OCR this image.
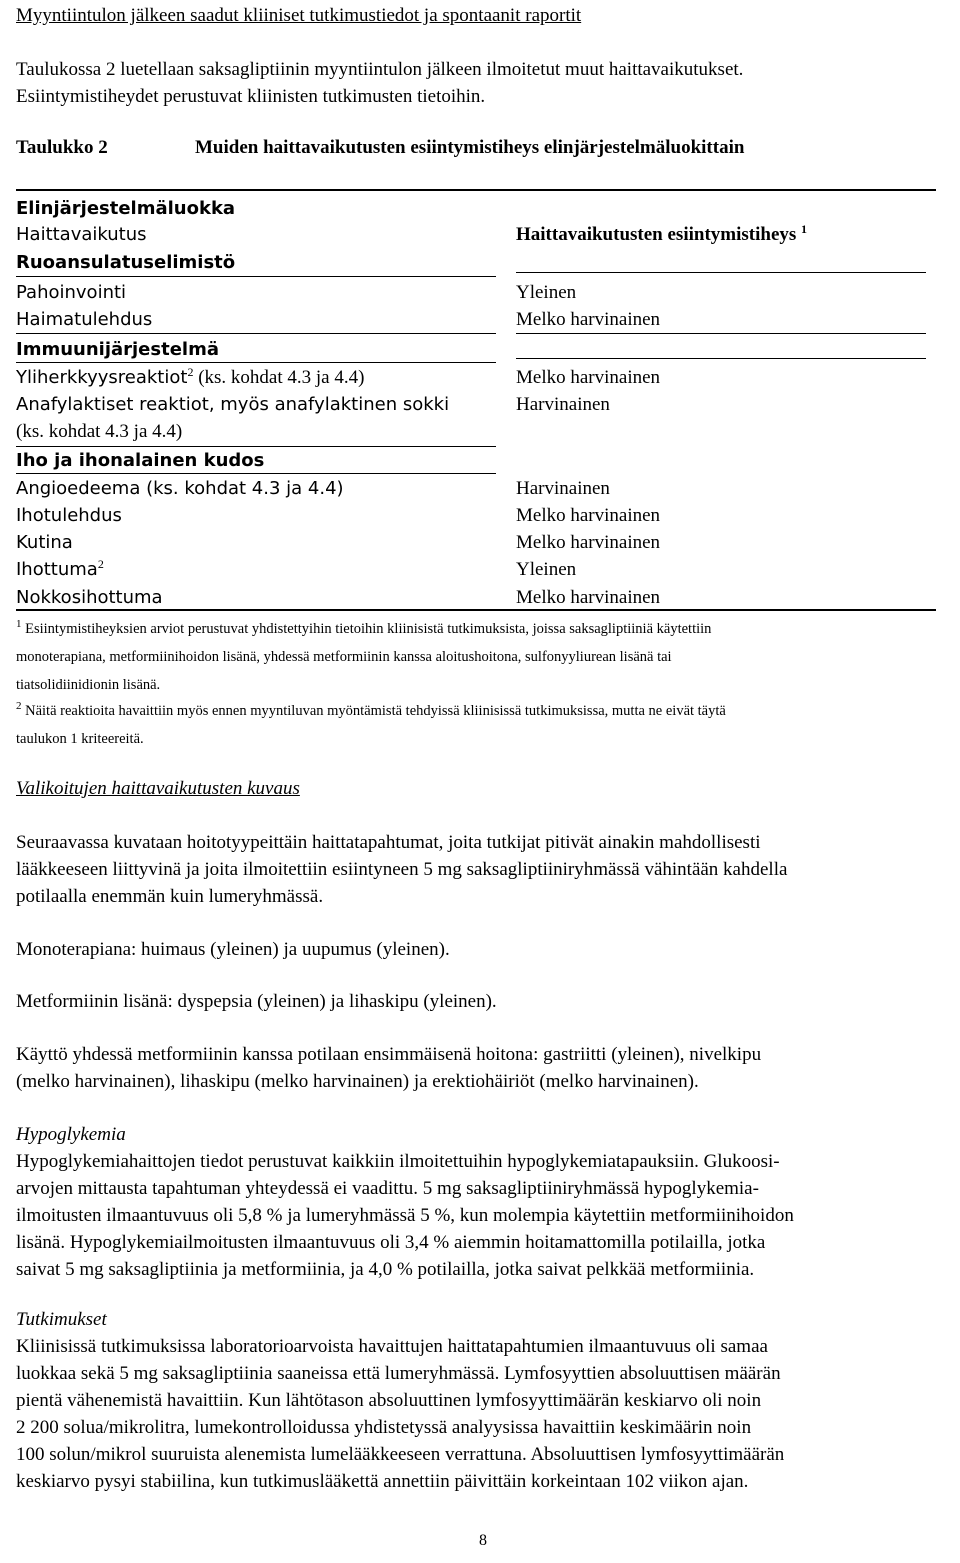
Myyntiintulon jälkeen saadut kliiniset tutkimustiedot ja spontaanit raportit
Taulukossa 2 luetellaan saksagliptiinin myyntiintulon jälkeen ilmoitetut muut haittavaikutukset.
Esiintymistiheydet perustuvat kliinisten tutkimusten tietoihin.
Taulukko 2	Muiden haittavaikutusten esiintymistiheys elinjärjestelmäluokittain
Elinjärjestelmäluokka
Haittavaikutus	Haittavaikutusten esiintymistiheys $^1$
Ruoansulatuselimistö
Pahoinvointi	Yleinen
Haimatulehdus	Melko harvinainen
Immuunijärjestelmä
Yliherkkyysreaktiot$^2$ (ks. kohdat 4.3 ja 4.4)	Melko harvinainen
Anafylaktiset reaktiot, myös anafylaktinen sokki	Harvinainen
(ks. kohdat 4.3 ja 4.4)
Iho ja ihonalainen kudos
Angioedeema (ks. kohdat 4.3 ja 4.4)	Harvinainen
Ihotulehdus	Melko harvinainen
Kutina	Melko harvinainen
Ihottuma$^2$	Yleinen
Nokkosihottuma	Melko harvinainen
$^1$ Esiintymistiheyksien arviot perustuvat yhdistettyihin tietoihin kliinisistä tutkimuksista, joissa saksagliptiiniä käytettiin
monoterapiana, metformiinihoidon lisänä, yhdessä metformiinin kanssa aloitushoitona, sulfonyyliurean lisänä tai
tiatsolidiinidionin lisänä.
$^2$ Näitä reaktioita havaittiin myös ennen myyntiluvan myöntämistä tehdyissä kliinisissä tutkimuksissa, mutta ne eivät täytä
taulukon 1 kriteereitä.
Valikoitujen haittavaikutusten kuvaus
Seuraavassa kuvataan hoitotyypeittäin haittatapahtumat, joita tutkijat pitivät ainakin mahdollisesti
lääkkeeseen liittyvinä ja joita ilmoitettiin esiintyneen 5 mg saksagliptiiniryhmässä vähintään kahdella
potilaalla enemmän kuin lumeryhmässä.
Monoterapiana: huimaus (yleinen) ja uupumus (yleinen).
Metformiinin lisänä: dyspepsia (yleinen) ja lihaskipu (yleinen).
Käyttö yhdessä metformiinin kanssa potilaan ensimmäisenä hoitona: gastriitti (yleinen), nivelkipu
(melko harvinainen), lihaskipu (melko harvinainen) ja erektiohäiriöt (melko harvinainen).
Hypoglykemia
Hypoglykemiahaittojen tiedot perustuvat kaikkiin ilmoitettuihin hypoglykemiatapauksiin. Glukoosi-
arvojen mittausta tapahtuman yhteydessä ei vaadittu. 5 mg saksagliptiiniryhmässä hypoglykemia-
ilmoitusten ilmaantuvuus oli 5,8 % ja lumeryhmässä 5 %, kun molempia käytettiin metformiinihoidon
lisänä. Hypoglykemiailmoitusten ilmaantuvuus oli 3,4 % aiemmin hoitamattomilla potilailla, jotka
saivat 5 mg saksagliptiinia ja metformiinia, ja 4,0 % potilailla, jotka saivat pelkkää metformiinia.
Tutkimukset
Kliinisissä tutkimuksissa laboratorioarvoista havaittujen haittatapahtumien ilmaantuvuus oli samaa
luokkaa sekä 5 mg saksagliptiinia saaneissa että lumeryhmässä. Lymfosyyttien absoluuttisen määrän
pientä vähenemistä havaittiin. Kun lähtötason absoluuttinen lymfosyyttimäärän keskiarvo oli noin
2 200 solua/mikrolitra, lumekontrolloidussa yhdistetyssä analyysissa havaittiin keskimäärin noin
100 solun/mikrol suuruista alenemista lumelääkkeeseen verrattuna. Absoluuttisen lymfosyyttimäärän
keskiarvo pysyi stabiilina, kun tutkimuslääkettä annettiin päivittäin korkeintaan 102 viikon ajan.
8
